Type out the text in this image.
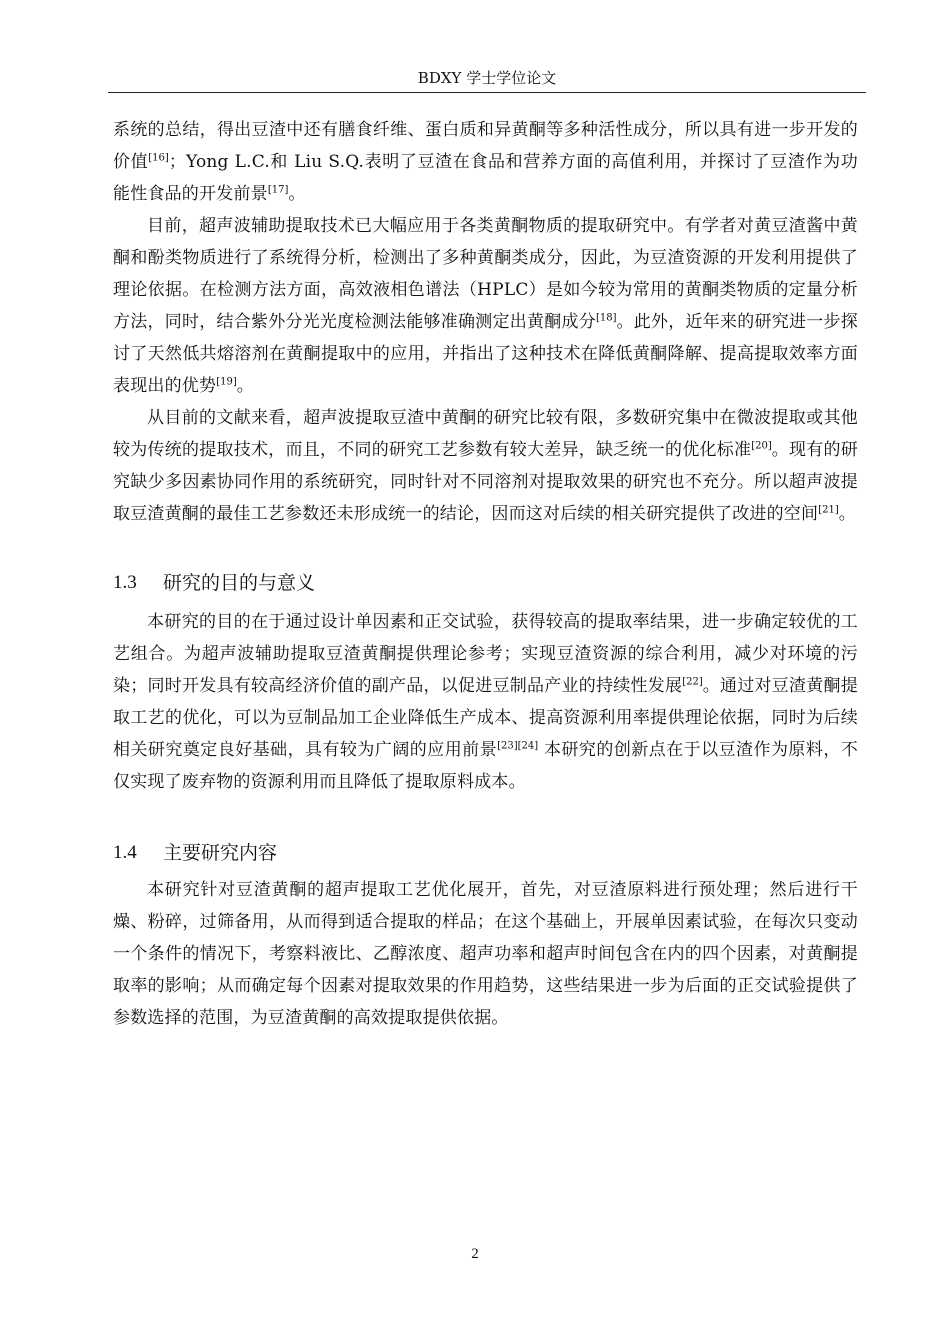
BDXY 学士学位论文

系统的总结，得出豆渣中还有膳食纤维、蛋白质和异黄酮等多种活性成分，所以具有进一步开发的价值[16]；Yong L.C.和 Liu S.Q.表明了豆渣在食品和营养方面的高值利用，并探讨了豆渣作为功能性食品的开发前景[17]。

目前，超声波辅助提取技术已大幅应用于各类黄酮物质的提取研究中。有学者对黄豆渣酱中黄酮和酚类物质进行了系统得分析，检测出了多种黄酮类成分，因此，为豆渣资源的开发利用提供了理论依据。在检测方法方面，高效液相色谱法（HPLC）是如今较为常用的黄酮类物质的定量分析方法，同时，结合紫外分光光度检测法能够准确测定出黄酮成分[18]。此外，近年来的研究进一步探讨了天然低共熔溶剂在黄酮提取中的应用，并指出了这种技术在降低黄酮降解、提高提取效率方面表现出的优势[19]。

从目前的文献来看，超声波提取豆渣中黄酮的研究比较有限，多数研究集中在微波提取或其他较为传统的提取技术，而且，不同的研究工艺参数有较大差异，缺乏统一的优化标准[20]。现有的研究缺少多因素协同作用的系统研究，同时针对不同溶剂对提取效果的研究也不充分。所以超声波提取豆渣黄酮的最佳工艺参数还未形成统一的结论，因而这对后续的相关研究提供了改进的空间[21]。

1.3	研究的目的与意义

本研究的目的在于通过设计单因素和正交试验，获得较高的提取率结果，进一步确定较优的工艺组合。为超声波辅助提取豆渣黄酮提供理论参考；实现豆渣资源的综合利用，减少对环境的污染；同时开发具有较高经济价值的副产品，以促进豆制品产业的持续性发展[22]。通过对豆渣黄酮提取工艺的优化，可以为豆制品加工企业降低生产成本、提高资源利用率提供理论依据，同时为后续相关研究奠定良好基础，具有较为广阔的应用前景[23][24] 本研究的创新点在于以豆渣作为原料，不仅实现了废弃物的资源利用而且降低了提取原料成本。

1.4	主要研究内容

本研究针对豆渣黄酮的超声提取工艺优化展开，首先，对豆渣原料进行预处理；然后进行干燥、粉碎，过筛备用，从而得到适合提取的样品；在这个基础上，开展单因素试验，在每次只变动一个条件的情况下，考察料液比、乙醇浓度、超声功率和超声时间包含在内的四个因素，对黄酮提取率的影响；从而确定每个因素对提取效果的作用趋势，这些结果进一步为后面的正交试验提供了参数选择的范围，为豆渣黄酮的高效提取提供依据。

2
